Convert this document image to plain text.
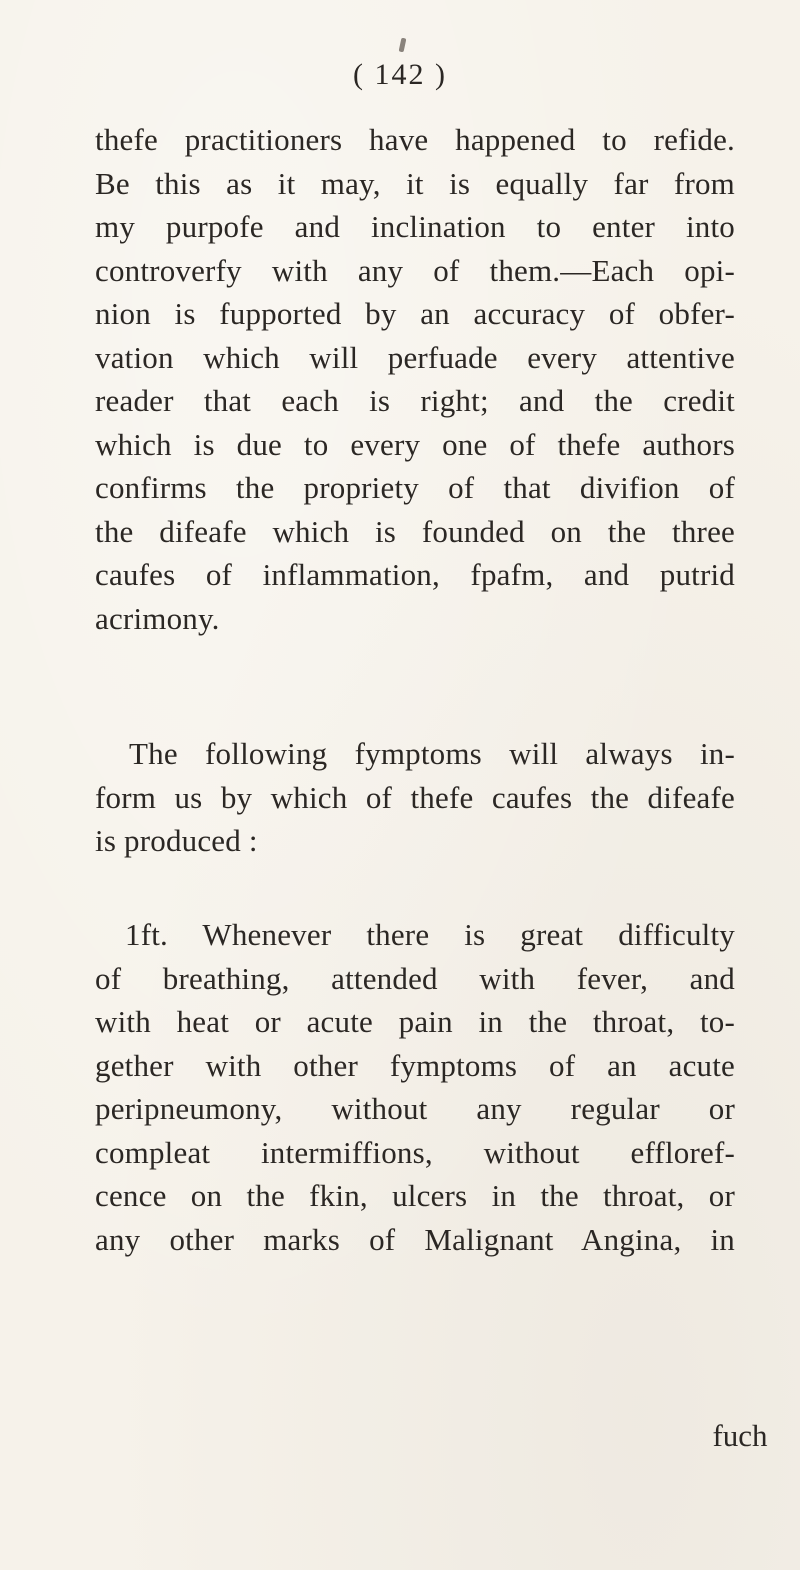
( 142 )
thefe practitioners have happened to refide.
Be this as it may, it is equally far from
my purpofe and inclination to enter into
controverfy with any of them.—Each opi-
nion is fupported by an accuracy of obfer-
vation which will perfuade every attentive
reader that each is right; and the credit
which is due to every one of thefe authors
confirms the propriety of that divifion of
the difeafe which is founded on the three
caufes of inflammation, fpafm, and putrid
acrimony.
The following fymptoms will always in-
form us by which of thefe caufes the difeafe
is produced :
1ft. Whenever there is great difficulty
of breathing, attended with fever, and
with heat or acute pain in the throat, to-
gether with other fymptoms of an acute
peripneumony, without any regular or
compleat intermiffions, without effloref-
cence on the fkin, ulcers in the throat, or
any other marks of Malignant Angina, in
fuch
